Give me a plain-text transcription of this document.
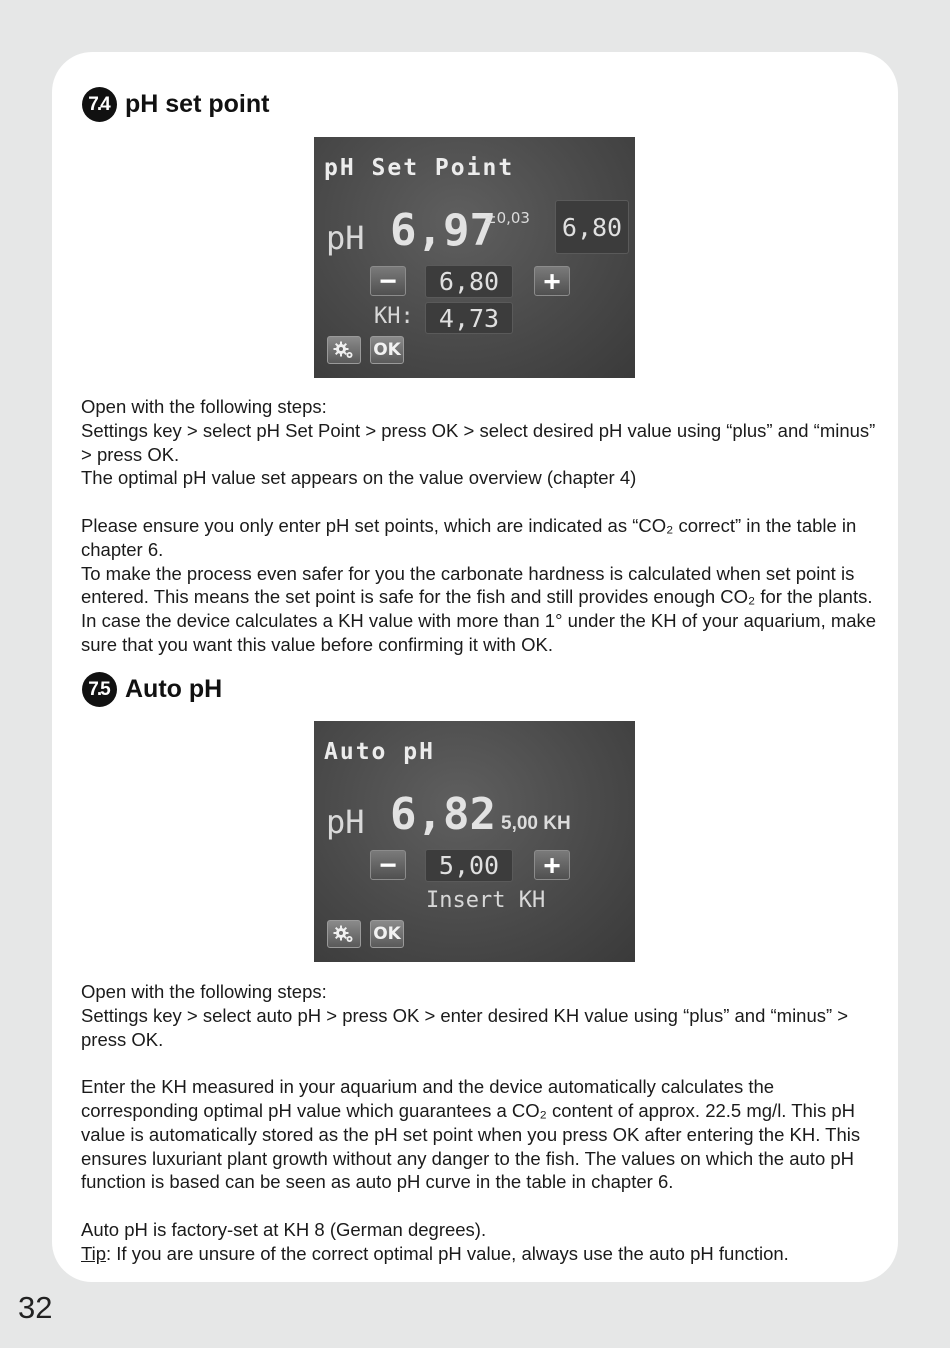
7.4 pH set point
pH Set Point
pH 6,97
±0,03 6,80
−	6,80	+
KH:	4,73
OK

Open with the following steps:

Settings key > select pH Set Point > press OK > select desired pH value using “plus” and “minus” > press OK.

The optimal pH value set appears on the value overview (chapter 4)

Please ensure you only enter pH set points, which are indicated as “CO₂ correct” in the table in chapter 6.

To make the process even safer for you the carbonate hardness is calculated when set point is entered. This means the set point is safe for the fish and still provides enough CO₂ for the plants. In case the device calculates a KH value with more than 1° under the KH of your aquarium, make sure that you want this value before confirming it with OK.

7.5 Auto pH
Auto pH
pH 6,82 5,00 KH
−	5,00	+
Insert KH
OK

Open with the following steps:

Settings key > select auto pH > press OK > enter desired KH value using “plus” and “minus” > press OK.

Enter the KH measured in your aquarium and the device automatically calculates the corresponding optimal pH value which guarantees a CO₂ content of approx. 22.5 mg/l. This pH value is automatically stored as the pH set point when you press OK after entering the KH. This ensures luxuriant plant growth without any danger to the fish. The values on which the auto pH function is based can be seen as auto pH curve in the table in chapter 6.

Auto pH is factory-set at KH 8 (German degrees).

Tip: If you are unsure of the correct optimal pH value, always use the auto pH function.

32
